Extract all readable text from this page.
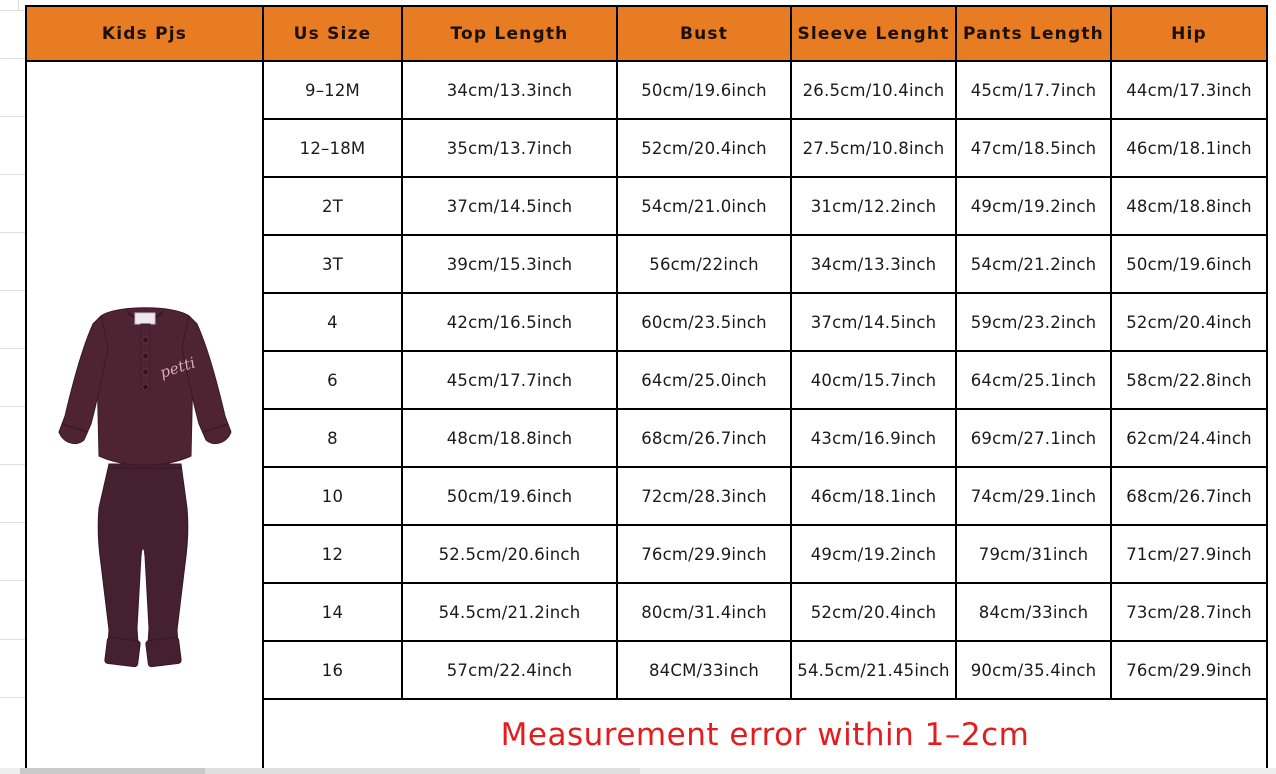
Kids Pjs	Us Size	Top Length	Bust	Sleeve Lenght	Pants Length	Hip

petti	9–12M	34cm/13.3inch	50cm/19.6inch	26.5cm/10.4inch	45cm/17.7inch	44cm/17.3inch
	12–18M	35cm/13.7inch	52cm/20.4inch	27.5cm/10.8inch	47cm/18.5inch	46cm/18.1inch
	2T	37cm/14.5inch	54cm/21.0inch	31cm/12.2inch	49cm/19.2inch	48cm/18.8inch
	3T	39cm/15.3inch	56cm/22inch	34cm/13.3inch	54cm/21.2inch	50cm/19.6inch
	4	42cm/16.5inch	60cm/23.5inch	37cm/14.5inch	59cm/23.2inch	52cm/20.4inch
	6	45cm/17.7inch	64cm/25.0inch	40cm/15.7inch	64cm/25.1inch	58cm/22.8inch
	8	48cm/18.8inch	68cm/26.7inch	43cm/16.9inch	69cm/27.1inch	62cm/24.4inch
	10	50cm/19.6inch	72cm/28.3inch	46cm/18.1inch	74cm/29.1inch	68cm/26.7inch
	12	52.5cm/20.6inch	76cm/29.9inch	49cm/19.2inch	79cm/31inch	71cm/27.9inch
	14	54.5cm/21.2inch	80cm/31.4inch	52cm/20.4inch	84cm/33inch	73cm/28.7inch
	16	57cm/22.4inch	84CM/33inch	54.5cm/21.45inch	90cm/35.4inch	76cm/29.9inch
	Measurement error within 1–2cm					
